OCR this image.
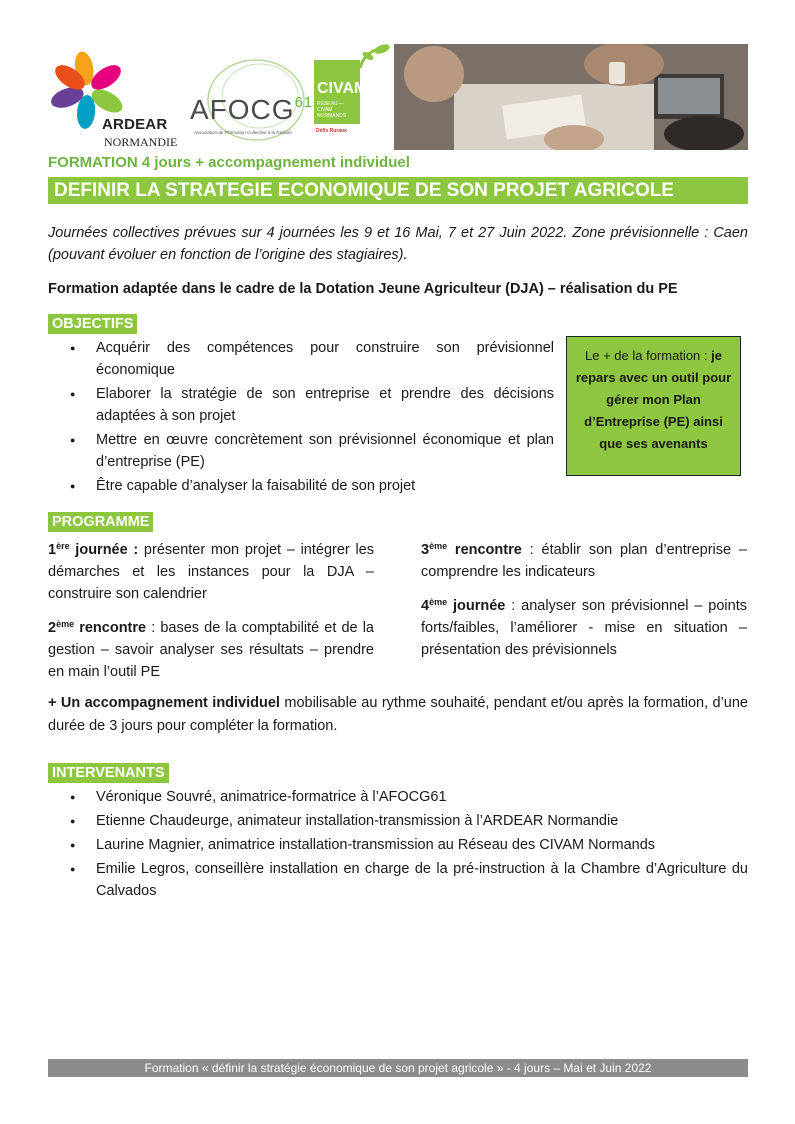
ARDEAR
NORMANDIE
AFOCG$^{61}$
Association de FOrmation Collective à la Gestion
CIVAM
RÉSEAU — CIVAM NORMANDS
Défis Ruraux
FORMATION 4 jours + accompagnement individuel
DEFINIR LA STRATEGIE ECONOMIQUE DE SON PROJET AGRICOLE
Journées collectives prévues sur 4 journées les 9 et 16 Mai, 7 et 27 Juin 2022. Zone prévisionnelle : Caen (pouvant évoluer en fonction de l’origine des stagiaires).
Formation adaptée dans le cadre de la Dotation Jeune Agriculteur (DJA) – réalisation du PE
OBJECTIFS
● Acquérir des compétences pour construire son prévisionnel économique
● Elaborer la stratégie de son entreprise et prendre des décisions adaptées à son projet
● Mettre en œuvre concrètement son prévisionnel économique et plan d’entreprise (PE)
● Être capable d’analyser la faisabilité de son projet
Le + de la formation : je repars avec un outil pour gérer mon Plan d’Entreprise (PE) ainsi que ses avenants
PROGRAMME

1ère journée : présenter mon projet – intégrer les démarches et les instances pour la DJA – construire son calendrier

2ème rencontre : bases de la comptabilité et de la gestion – savoir analyser ses résultats – prendre en main l’outil PE

3ème rencontre : établir son plan d’entreprise – comprendre les indicateurs

4ème journée : analyser son prévisionnel – points forts/faibles, l’améliorer - mise en situation – présentation des prévisionnels

+ Un accompagnement individuel mobilisable au rythme souhaité, pendant et/ou après la formation, d’une durée de 3 jours pour compléter la formation.
INTERVENANTS
● Véronique Souvré, animatrice-formatrice à l’AFOCG61
● Etienne Chaudeurge, animateur installation-transmission à l’ARDEAR Normandie
● Laurine Magnier, animatrice installation-transmission au Réseau des CIVAM Normands
● Emilie Legros, conseillère installation en charge de la pré-instruction à la Chambre d’Agriculture du Calvados
Formation « définir la stratégie économique de son projet agricole » - 4 jours – Mai et Juin 2022
